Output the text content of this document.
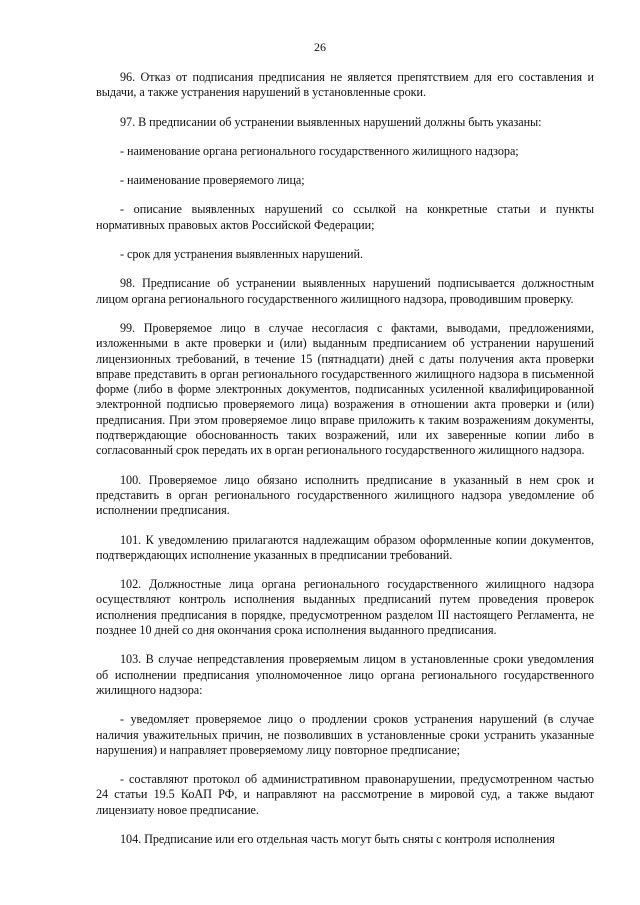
26

96. Отказ от подписания предписания не является препятствием для его составления и выдачи, а также устранения нарушений в установленные сроки.

97. В предписании об устранении выявленных нарушений должны быть указаны:

- наименование органа регионального государственного жилищного надзора;

- наименование проверяемого лица;

- описание выявленных нарушений со ссылкой на конкретные статьи и пункты нормативных правовых актов Российской Федерации;

- срок для устранения выявленных нарушений.

98. Предписание об устранении выявленных нарушений подписывается должностным лицом органа регионального государственного жилищного надзора, проводившим проверку.

99. Проверяемое лицо в случае несогласия с фактами, выводами, предложениями, изложенными в акте проверки и (или) выданным предписанием об устранении нарушений лицензионных требований, в течение 15 (пятнадцати) дней с даты получения акта проверки вправе представить в орган регионального государственного жилищного надзора в письменной форме (либо в форме электронных документов, подписанных усиленной квалифицированной электронной подписью проверяемого лица) возражения в отношении акта проверки и (или) предписания. При этом проверяемое лицо вправе приложить к таким возражениям документы, подтверждающие обоснованность таких возражений, или их заверенные копии либо в согласованный срок передать их в орган регионального государственного жилищного надзора.

100. Проверяемое лицо обязано исполнить предписание в указанный в нем срок и представить в орган регионального государственного жилищного надзора уведомление об исполнении предписания.

101. К уведомлению прилагаются надлежащим образом оформленные копии документов, подтверждающих исполнение указанных в предписании требований.

102. Должностные лица органа регионального государственного жилищного надзора осуществляют контроль исполнения выданных предписаний путем проведения проверок исполнения предписания в порядке, предусмотренном разделом III настоящего Регламента, не позднее 10 дней со дня окончания срока исполнения выданного предписания.

103. В случае непредставления проверяемым лицом в установленные сроки уведомления об исполнении предписания уполномоченное лицо органа регионального государственного жилищного надзора:

- уведомляет проверяемое лицо о продлении сроков устранения нарушений (в случае наличия уважительных причин, не позволивших в установленные сроки устранить указанные нарушения) и направляет проверяемому лицу повторное предписание;

- составляют протокол об административном правонарушении, предусмотренном частью 24 статьи 19.5 КоАП РФ, и направляют на рассмотрение в мировой суд, а также выдают лицензиату новое предписание.

104. Предписание или его отдельная часть могут быть сняты с контроля исполнения
